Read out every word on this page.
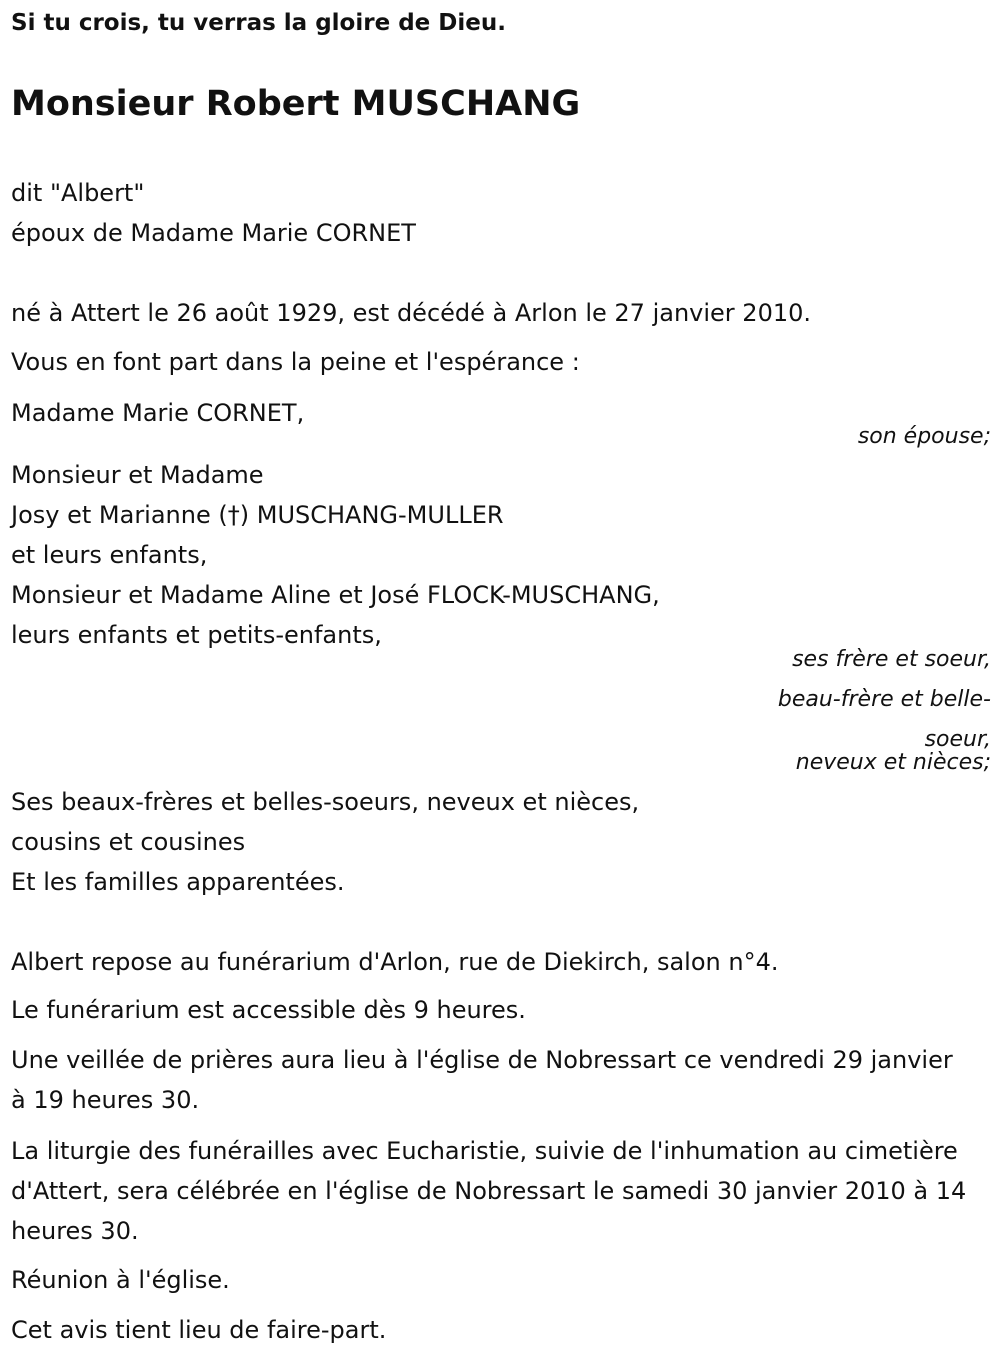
Si tu crois, tu verras la gloire de Dieu.
Monsieur Robert MUSCHANG
dit "Albert"
époux de Madame Marie CORNET
né à Attert le 26 août 1929, est décédé à Arlon le 27 janvier 2010.
Vous en font part dans la peine et l'espérance :
Madame Marie CORNET,
son épouse;
Monsieur et Madame
Josy et Marianne (†) MUSCHANG-MULLER
et leurs enfants,
Monsieur et Madame Aline et José FLOCK-MUSCHANG,
leurs enfants et petits-enfants,
ses frère et soeur,
beau-frère et belle-
soeur,
neveux et nièces;
Ses beaux-frères et belles-soeurs, neveux et nièces,
cousins et cousines
Et les familles apparentées.
Albert repose au funérarium d'Arlon, rue de Diekirch, salon n°4.
Le funérarium est accessible dès 9 heures.
Une veillée de prières aura lieu à l'église de Nobressart ce vendredi 29 janvier à 19 heures 30.
La liturgie des funérailles avec Eucharistie, suivie de l'inhumation au cimetière d'Attert, sera célébrée en l'église de Nobressart le samedi 30 janvier 2010 à 14 heures 30.
Réunion à l'église.
Cet avis tient lieu de faire-part.
